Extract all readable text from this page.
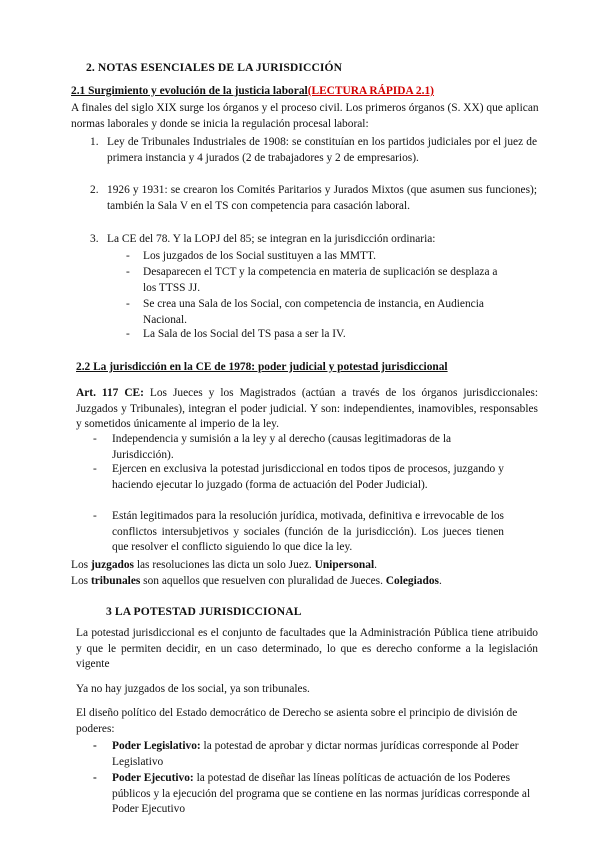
2. NOTAS ESENCIALES DE LA JURISDICCIÓN
2.1 Surgimiento y evolución de la justicia laboral(LECTURA RÁPIDA 2.1)
A finales del siglo XIX surge los órganos y el proceso civil. Los primeros órganos (S. XX) que aplican normas laborales y donde se inicia la regulación procesal laboral:
1. Ley de Tribunales Industriales de 1908: se constituían en los partidos judiciales por el juez de primera instancia y 4 jurados (2 de trabajadores y 2 de empresarios).
2. 1926 y 1931: se crearon los Comités Paritarios y Jurados Mixtos (que asumen sus funciones); también la Sala V en el TS con competencia para casación laboral.
3. La CE del 78. Y la LOPJ del 85; se integran en la jurisdicción ordinaria:
- Los juzgados de los Social sustituyen a las MMTT.
- Desaparecen el TCT y la competencia en materia de suplicación se desplaza a los TTSS JJ.
- Se crea una Sala de los Social, con competencia de instancia, en Audiencia Nacional.
- La Sala de los Social del TS pasa a ser la IV.
2.2 La jurisdicción en la CE de 1978: poder judicial y potestad jurisdiccional
Art. 117 CE: Los Jueces y los Magistrados (actúan a través de los órganos jurisdiccionales: Juzgados y Tribunales), integran el poder judicial. Y son: independientes, inamovibles, responsables y sometidos únicamente al imperio de la ley.
- Independencia y sumisión a la ley y al derecho (causas legitimadoras de la Jurisdicción).
- Ejercen en exclusiva la potestad jurisdiccional en todos tipos de procesos, juzgando y haciendo ejecutar lo juzgado (forma de actuación del Poder Judicial).
- Están legitimados para la resolución jurídica, motivada, definitiva e irrevocable de los conflictos intersubjetivos y sociales (función de la jurisdicción). Los jueces tienen que resolver el conflicto siguiendo lo que dice la ley.
Los juzgados las resoluciones las dicta un solo Juez. Unipersonal.
Los tribunales son aquellos que resuelven con pluralidad de Jueces. Colegiados.
3 LA POTESTAD JURISDICCIONAL
La potestad jurisdiccional es el conjunto de facultades que la Administración Pública tiene atribuido y que le permiten decidir, en un caso determinado, lo que es derecho conforme a la legislación vigente
Ya no hay juzgados de los social, ya son tribunales.
El diseño político del Estado democrático de Derecho se asienta sobre el principio de división de poderes:
- Poder Legislativo: la potestad de aprobar y dictar normas jurídicas corresponde al Poder Legislativo
- Poder Ejecutivo: la potestad de diseñar las líneas políticas de actuación de los Poderes públicos y la ejecución del programa que se contiene en las normas jurídicas corresponde al Poder Ejecutivo
